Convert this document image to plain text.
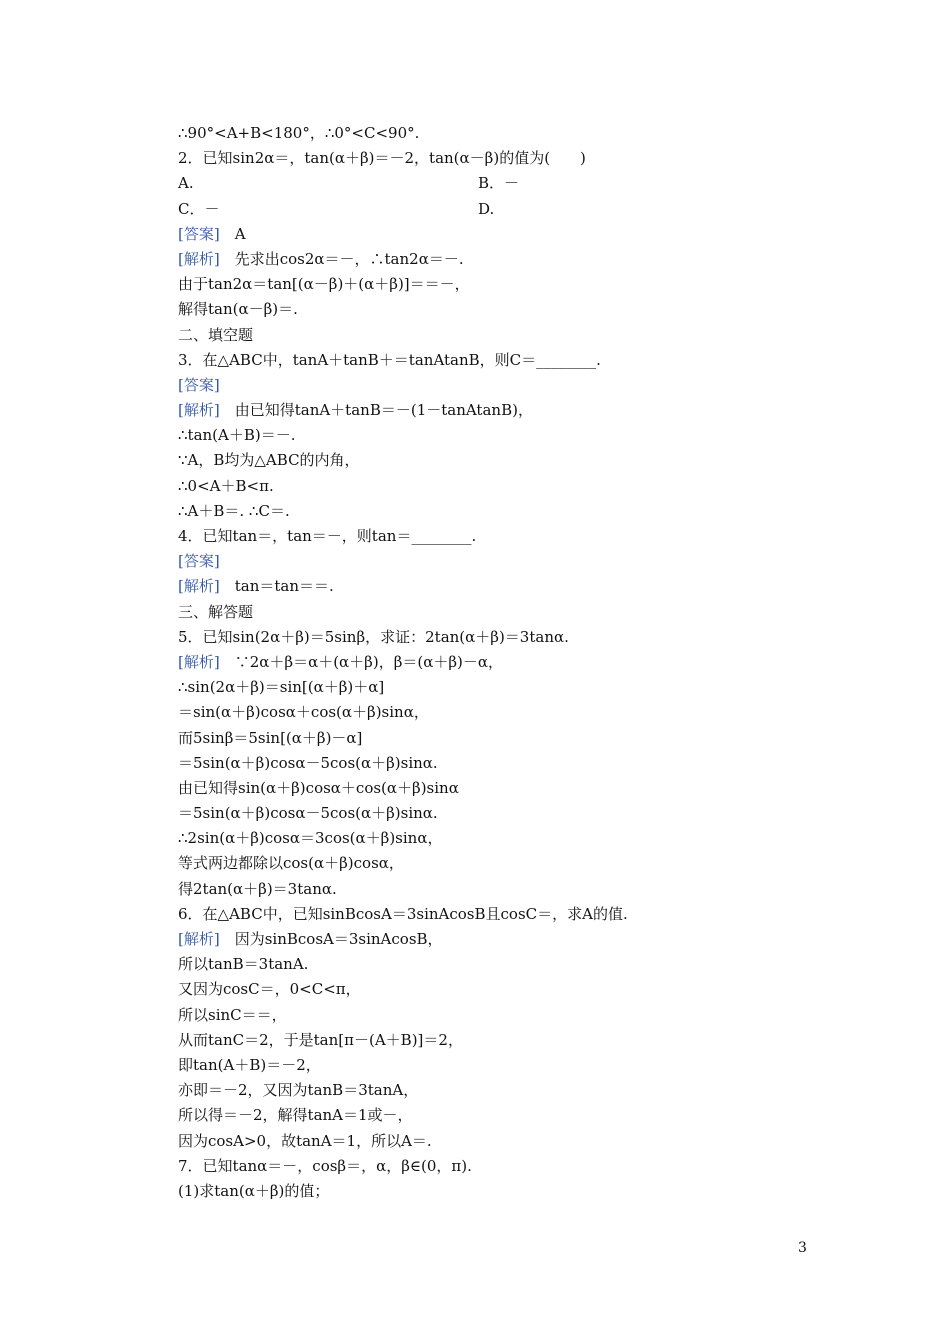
∴90°<A+B<180°，∴0°<C<90°.
2．已知sin2α＝，tan(α＋β)＝－2，tan(α－β)的值为(　　)
A.	B．－
C．－	D.
[答案]　A
[解析]　先求出cos2α＝－，∴tan2α＝－.
由于tan2α＝tan[(α－β)＋(α＋β)]＝＝－，
解得tan(α－β)＝.
二、填空题
3．在△ABC中，tanA＋tanB＋＝tanAtanB，则C＝________.
[答案]
[解析]　由已知得tanA＋tanB＝－(1－tanAtanB)，
∴tan(A＋B)＝－.
∵A，B均为△ABC的内角，
∴0<A＋B<π.
∴A＋B＝. ∴C＝.
4．已知tan＝，tan＝－，则tan＝________.
[答案]
[解析]　tan＝tan＝＝.
三、解答题
5．已知sin(2α＋β)＝5sinβ，求证：2tan(α＋β)＝3tanα.
[解析]　∵2α＋β＝α＋(α＋β)，β＝(α＋β)－α，
∴sin(2α＋β)＝sin[(α＋β)＋α]
＝sin(α＋β)cosα＋cos(α＋β)sinα，
而5sinβ＝5sin[(α＋β)－α]
＝5sin(α＋β)cosα－5cos(α＋β)sinα.
由已知得sin(α＋β)cosα＋cos(α＋β)sinα
＝5sin(α＋β)cosα－5cos(α＋β)sinα.
∴2sin(α＋β)cosα＝3cos(α＋β)sinα，
等式两边都除以cos(α＋β)cosα，
得2tan(α＋β)＝3tanα.
6．在△ABC中，已知sinBcosA＝3sinAcosB且cosC＝，求A的值.
[解析]　因为sinBcosA＝3sinAcosB，
所以tanB＝3tanA.
又因为cosC＝，0<C<π，
所以sinC＝＝，
从而tanC＝2，于是tan[π－(A＋B)]＝2，
即tan(A＋B)＝－2，
亦即＝－2，又因为tanB＝3tanA，
所以得＝－2，解得tanA＝1或－，
因为cosA>0，故tanA＝1，所以A＝.
7．已知tanα＝－，cosβ＝，α，β∈(0，π).
(1)求tan(α＋β)的值；
3
